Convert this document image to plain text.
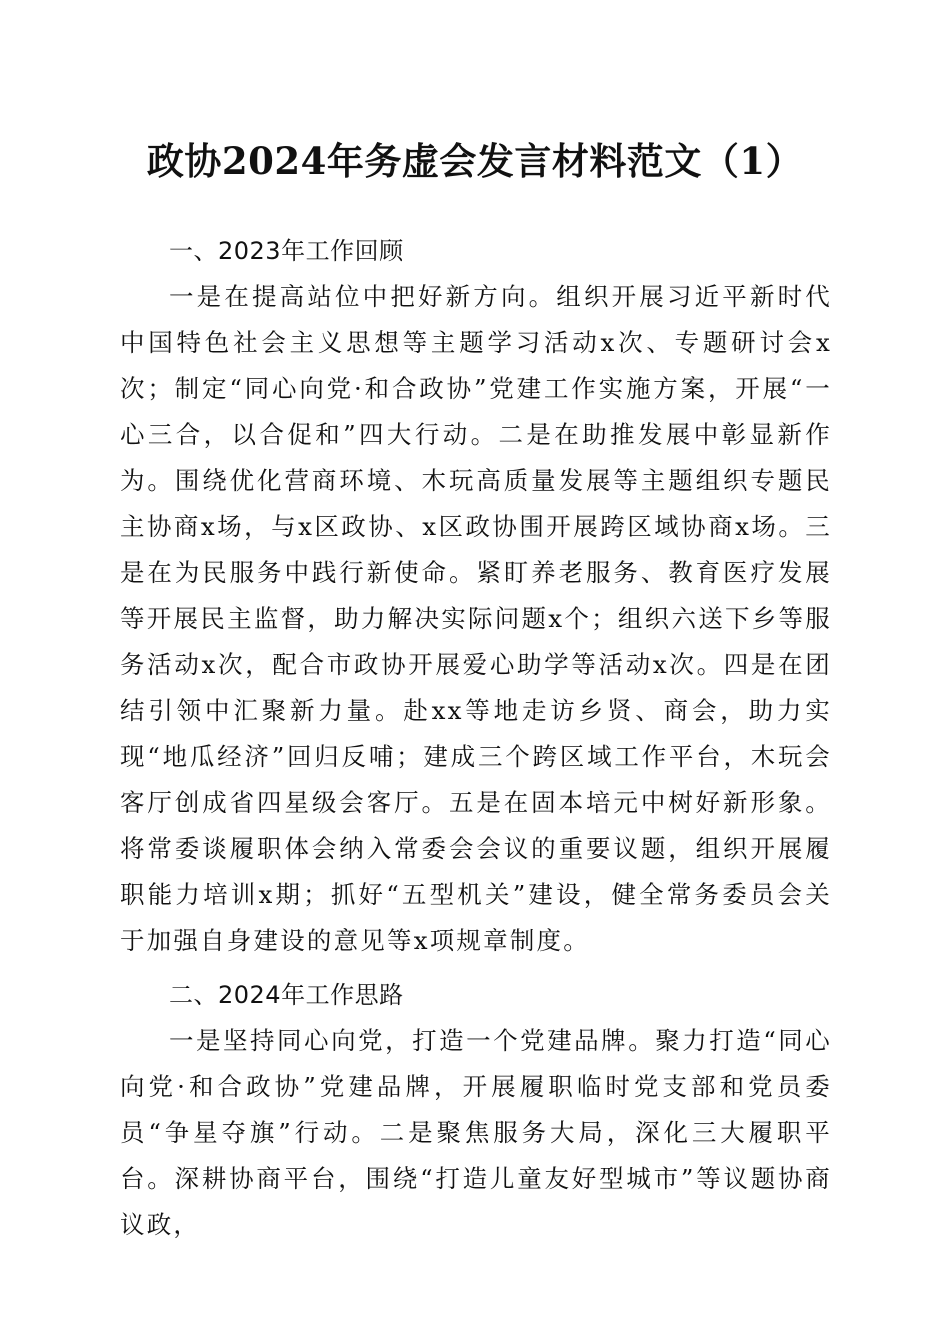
政协2024年务虚会发言材料范文（1）
一、2023年工作回顾

一是在提高站位中把好新方向。组织开展习近平新时代中国特色社会主义思想等主题学习活动x次、专题研讨会x次；制定“同心向党·和合政协”党建工作实施方案，开展“一心三合，以合促和”四大行动。二是在助推发展中彰显新作为。围绕优化营商环境、木玩高质量发展等主题组织专题民主协商x场，与x区政协、x区政协围开展跨区域协商x场。三是在为民服务中践行新使命。紧盯养老服务、教育医疗发展等开展民主监督，助力解决实际问题x个；组织六送下乡等服务活动x次，配合市政协开展爱心助学等活动x次。四是在团结引领中汇聚新力量。赴xx等地走访乡贤、商会，助力实现“地瓜经济”回归反哺；建成三个跨区域工作平台，木玩会客厅创成省四星级会客厅。五是在固本培元中树好新形象。将常委谈履职体会纳入常委会会议的重要议题，组织开展履职能力培训x期；抓好“五型机关”建设，健全常务委员会关于加强自身建设的意见等x项规章制度。

二、2024年工作思路

一是坚持同心向党，打造一个党建品牌。聚力打造“同心向党·和合政协”党建品牌，开展履职临时党支部和党员委员“争星夺旗”行动。二是聚焦服务大局，深化三大履职平台。深耕协商平台，围绕“打造儿童友好型城市”等议题协商议政，
